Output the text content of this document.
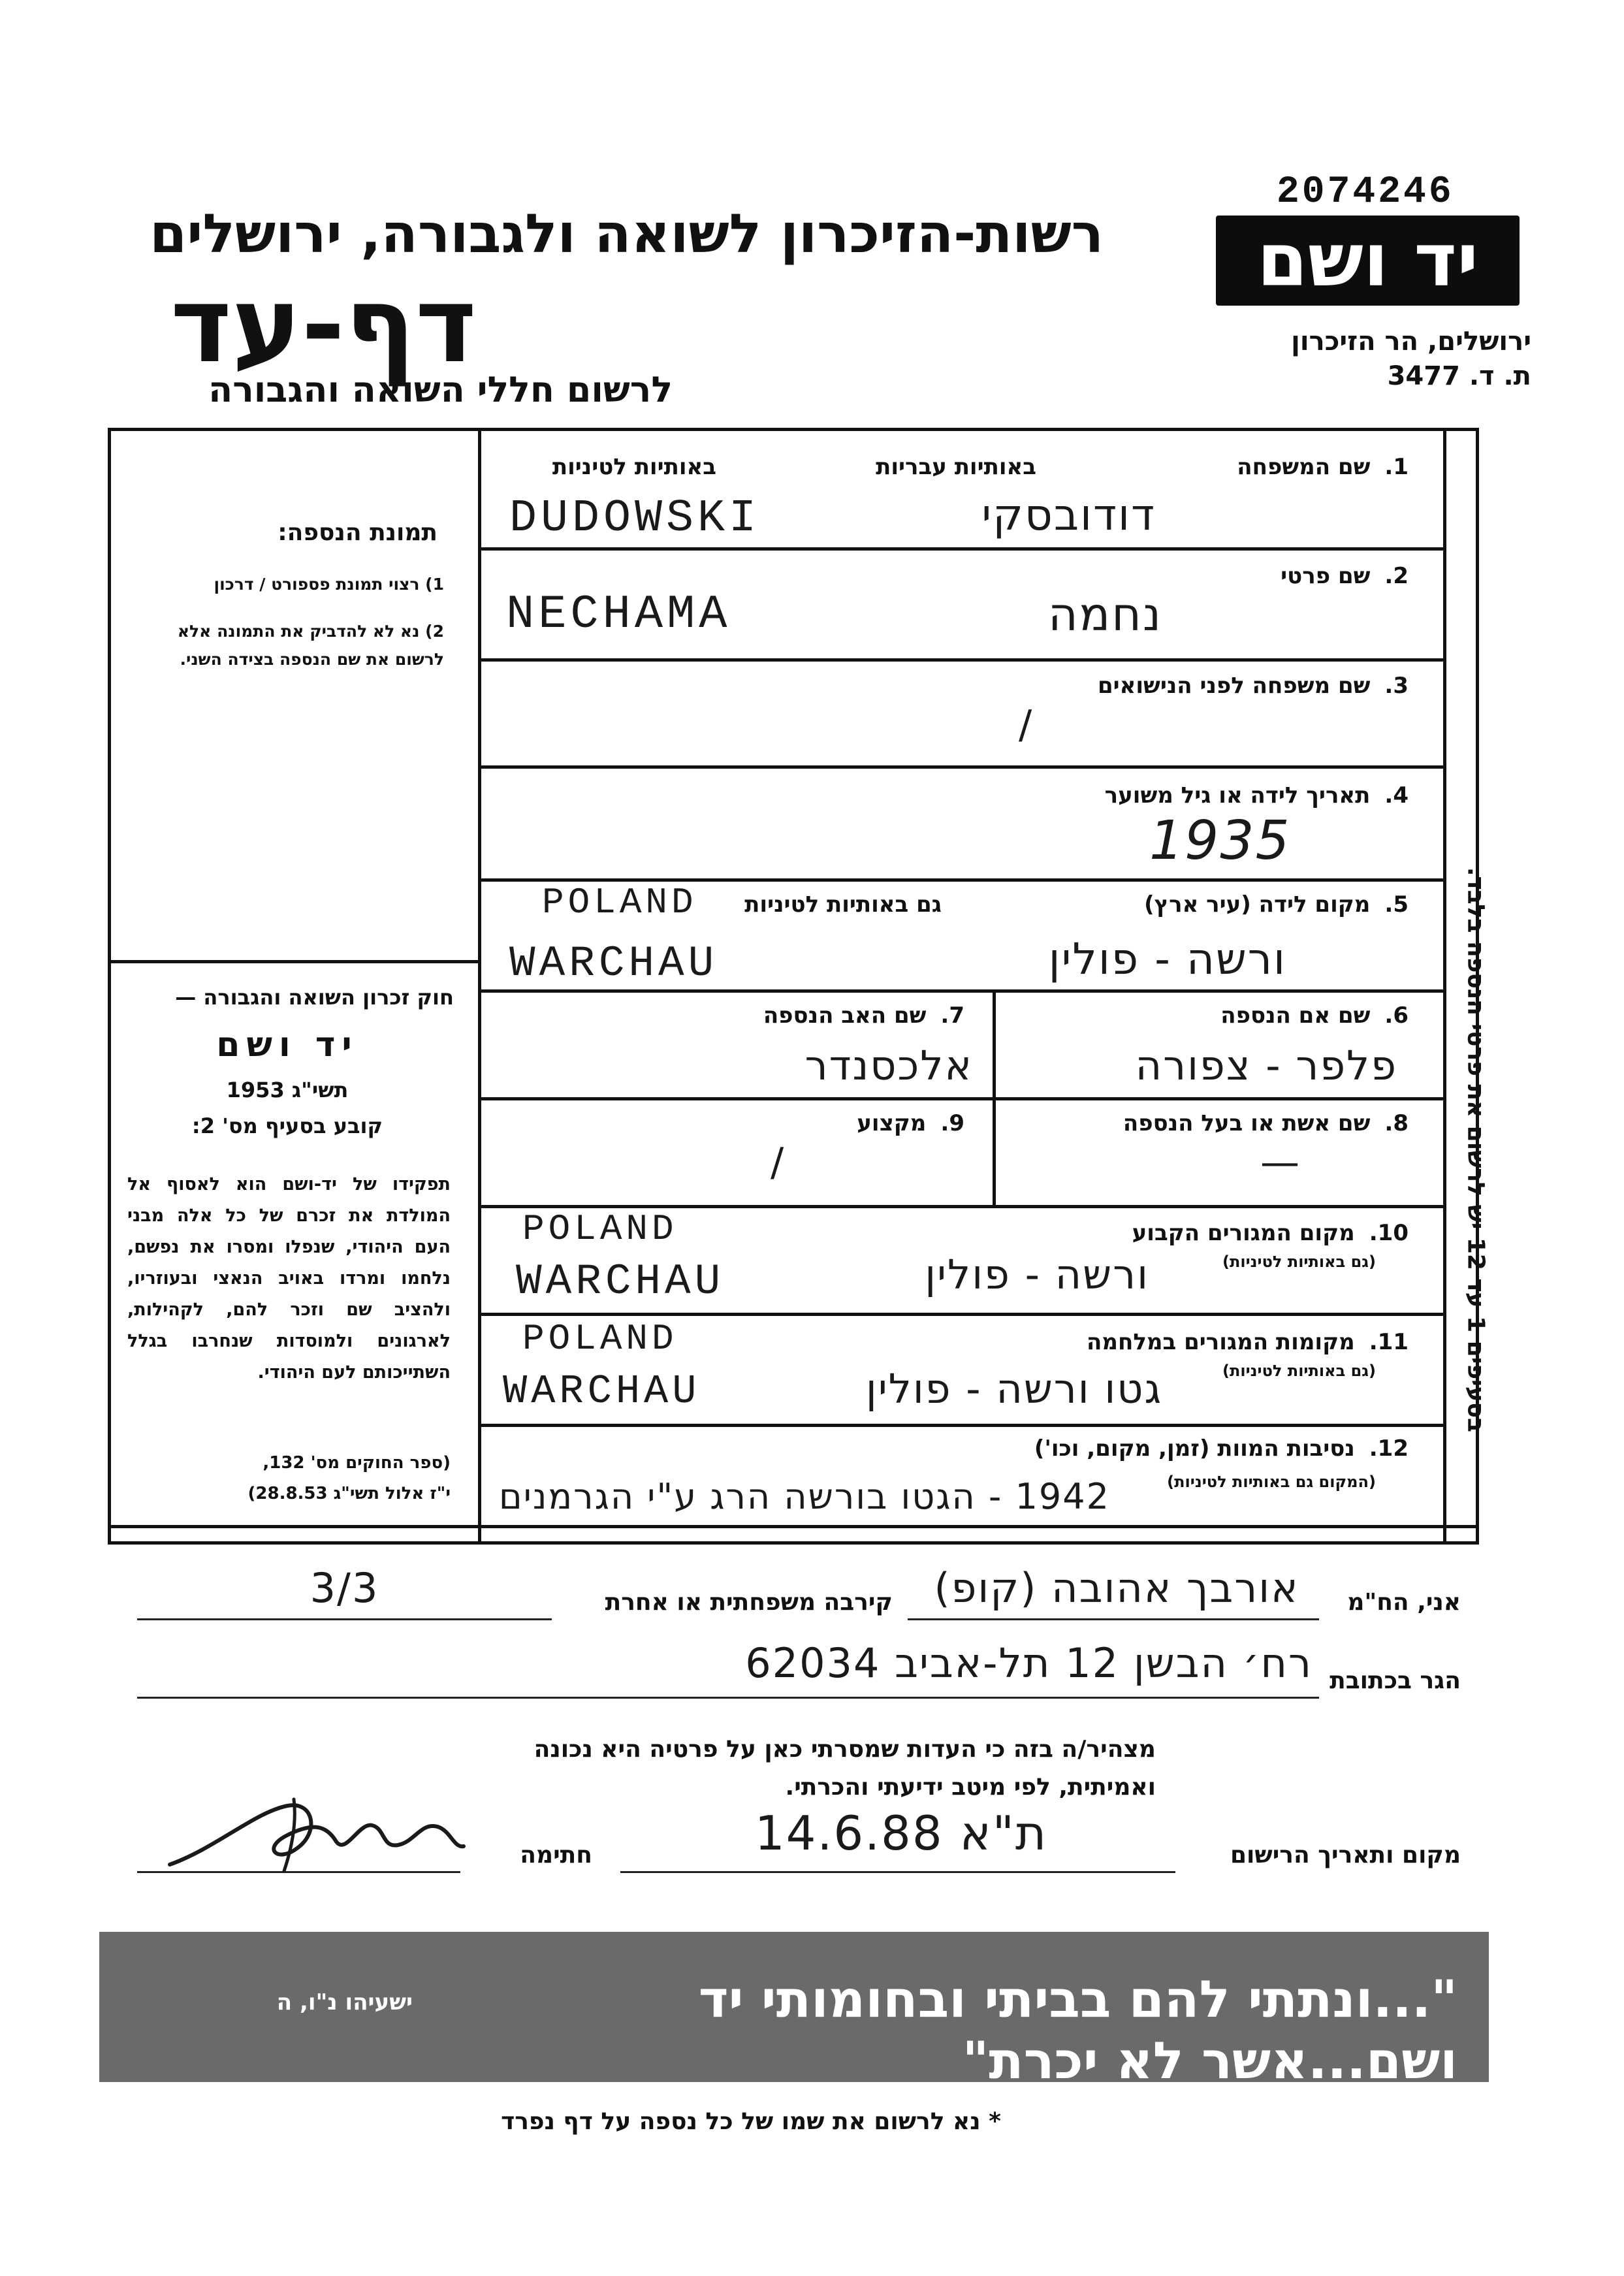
2074246
רשות-הזיכרון לשואה ולגבורה, ירושלים
דף-עד
לרשום חללי השואה והגבורה
יד ושם
ירושלים, הר הזיכרון
ת. ד. 3477
תמונת הנספה:
1) רצוי תמונת פספורט / דרכון
2) נא לא להדביק את התמונה אלא לרשום את שם הנספה בצידה השני.
חוק זכרון השואה והגבורה —
יד ושם
תשי"ג 1953
קובע בסעיף מס' 2:
תפקידו של יד-ושם הוא לאסוף אל המולדת את זכרם של כל אלה מבני העם היהודי, שנפלו ומסרו את נפשם, נלחמו ומרדו באויב הנאצי ובעוזריו, ולהציב שם וזכר להם, לקהילות, לארגונים ולמוסדות שנחרבו בגלל השתייכותם לעם היהודי.
(ספר החוקים מס' 132,
י"ז אלול תשי"ג 28.8.53)
בסעיפים 1 עד 12 יש לרשום את פרטי הנספה בלבד.
1.שם המשפחה
באותיות עבריות
באותיות לטיניות
DUDOWSKI	דודובסקי
2.שם פרטי
NECHAMA	נחמה
3.שם משפחה לפני הנישואים
/
4.תאריך לידה או גיל משוער
1935
5.מקום לידה (עיר ארץ)
גם באותיות לטיניות
POLAND
WARCHAU	ורשה - פולין
6.שם אם הנספה
פלפר - צפורה
7.שם האב הנספה
אלכסנדר
8.שם אשת או בעל הנספה
—
9.מקצוע
/
10.מקום המגורים הקבוע
(גם באותיות לטיניות)
POLAND
WARCHAU	ורשה - פולין
11.מקומות המגורים במלחמה
(גם באותיות לטיניות)
POLAND
WARCHAU	גטו ורשה - פולין
12.נסיבות המוות (זמן, מקום, וכו')
(המקום גם באותיות לטיניות)
1942 - הגטו בורשה הרג ע"י הגרמנים
אני, הח"מ
אורבך אהובה (קופ)
קירבה משפחתית או אחרת
3/3
הגר בכתובת
רח׳ הבשן 12 תל-אביב 62034
מצהיר/ה בזה כי העדות שמסרתי כאן על פרטיה היא נכונה ואמיתית, לפי מיטב ידיעתי והכרתי.
מקום ותאריך הרישום
ת"א 14.6.88
חתימה
"...ונתתי להם בביתי ובחומותי יד ושם...אשר לא יכרת"
ישעיהו נ"ו, ה
* נא לרשום את שמו של כל נספה על דף נפרד
